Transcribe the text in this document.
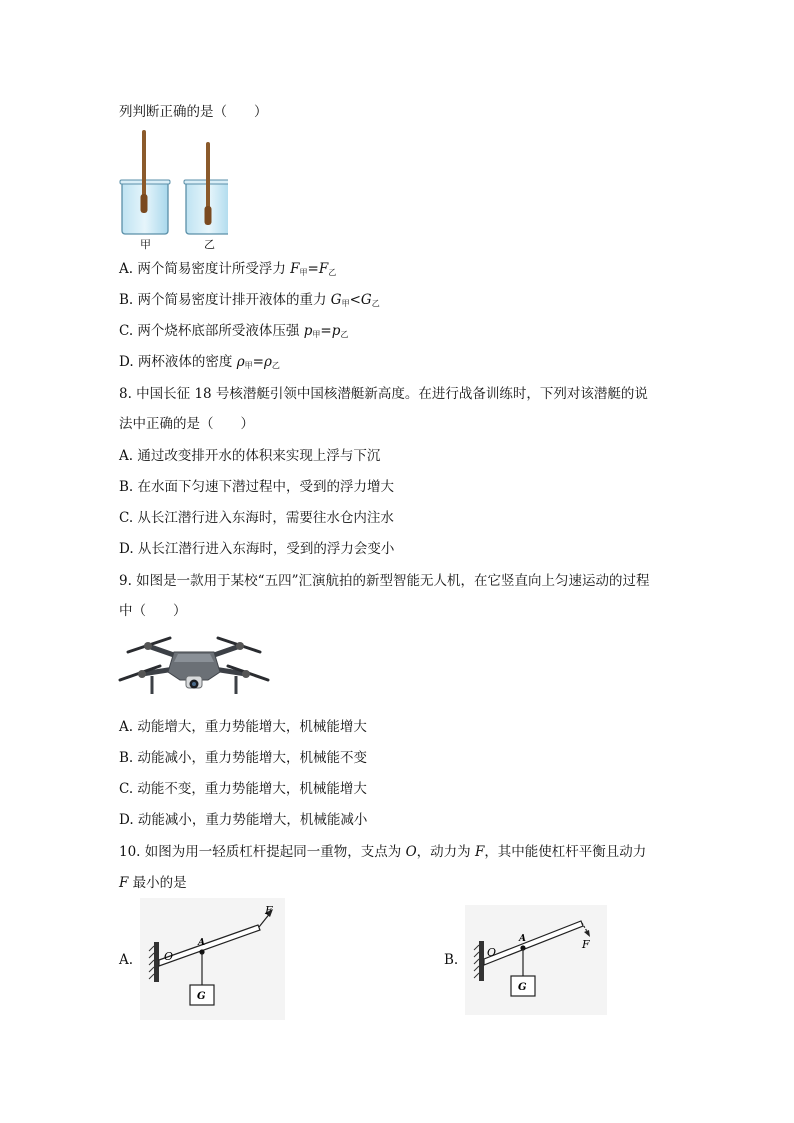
列判断正确的是（　　）
甲	乙
A. 两个简易密度计所受浮力 $F_甲=F_乙$
B. 两个简易密度计排开液体的重力 $G_甲<G_乙$
C. 两个烧杯底部所受液体压强 $p_甲=p_乙$
D. 两杯液体的密度 $\rho_甲=\rho_乙$
8. 中国长征 18 号核潜艇引领中国核潜艇新高度。在进行战备训练时，下列对该潜艇的说
法中正确的是（　　）
A. 通过改变排开水的体积来实现上浮与下沉
B. 在水面下匀速下潜过程中，受到的浮力增大
C. 从长江潜行进入东海时，需要往水仓内注水
D. 从长江潜行进入东海时，受到的浮力会变小
9. 如图是一款用于某校“五四”汇演航拍的新型智能无人机，在它竖直向上匀速运动的过程
中（　　）
A. 动能增大，重力势能增大，机械能增大
B. 动能减小，重力势能增大，机械能不变
C. 动能不变，重力势能增大，机械能增大
D. 动能减小，重力势能增大，机械能减小
10. 如图为用一轻质杠杆提起同一重物，支点为 O，动力为 F，其中能使杠杆平衡且动力
F 最小的是
A.
F
O
A
G
B.
F
O
A
G
